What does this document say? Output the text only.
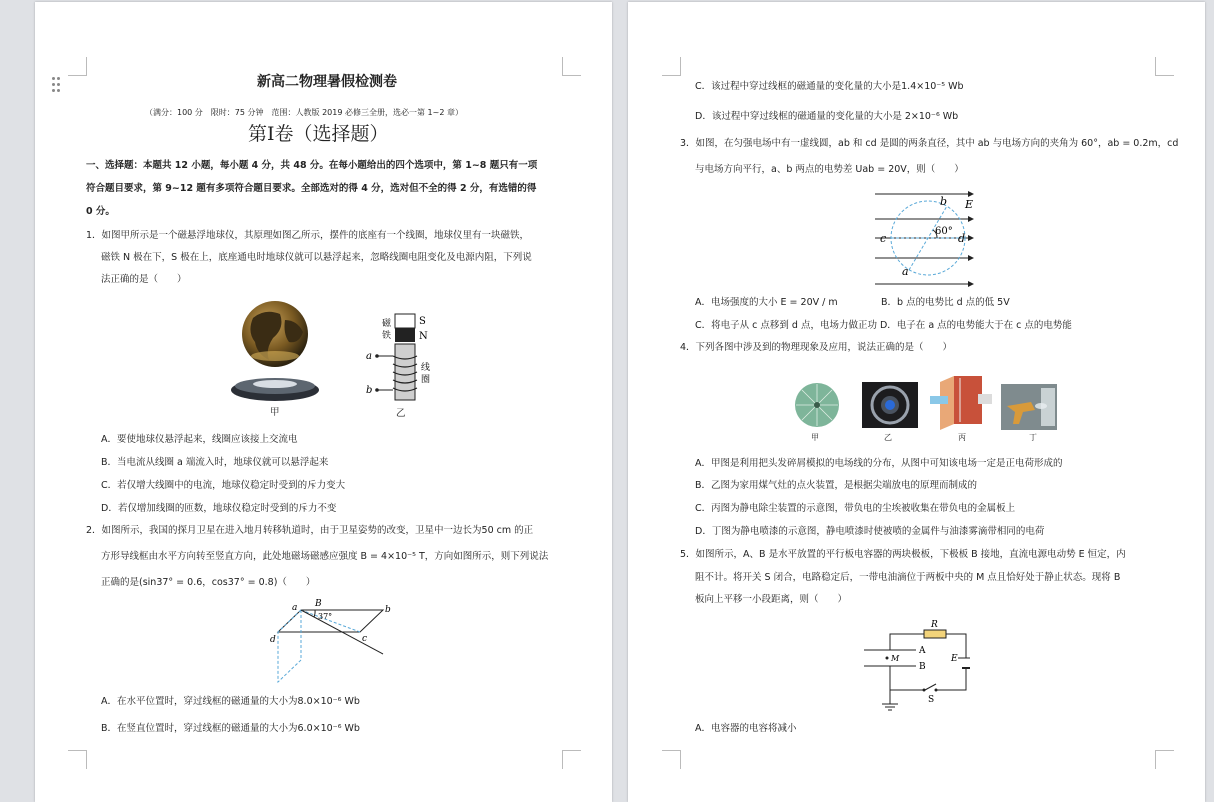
新高二物理暑假检测卷
（满分：100 分　限时：75 分钟　范围：人教版 2019 必修三全册，选必一第 1~2 章）
第Ⅰ卷（选择题）
一、选择题：本题共 12 小题，每小题 4 分，共 48 分。在每小题给出的四个选项中，第 1~8 题只有一项
符合题目要求，第 9~12 题有多项符合题目要求。全部选对的得 4 分，选对但不全的得 2 分，有选错的得
0 分。
1．如图甲所示是一个磁悬浮地球仪，其原理如图乙所示，摆件的底座有一个线圈，地球仪里有一块磁铁，
磁铁 N 极在下，S 极在上，底座通电时地球仪就可以悬浮起来，忽略线圈电阻变化及电源内阻，下列说
法正确的是（　　）
甲
a
b
S
N
磁
铁
线
圈
乙
A．要使地球仪悬浮起来，线圈应该接上交流电
B．当电流从线圈 a 端流入时，地球仪就可以悬浮起来
C．若仅增大线圈中的电流，地球仪稳定时受到的斥力变大
D．若仅增加线圈的匝数，地球仪稳定时受到的斥力不变
2．如图所示，我国的探月卫星在进入地月转移轨道时，由于卫星姿势的改变，卫星中一边长为50 cm 的正
方形导线框由水平方向转至竖直方向，此处地磁场磁感应强度 B = 4×10⁻⁵ T，方向如图所示，则下列说法
正确的是(sin37° = 0.6，cos37° = 0.8)（　　）
a B
37°
b
d	c
A．在水平位置时，穿过线框的磁通量的大小为8.0×10⁻⁶ Wb
B．在竖直位置时，穿过线框的磁通量的大小为6.0×10⁻⁶ Wb
C．该过程中穿过线框的磁通量的变化量的大小是1.4×10⁻⁵ Wb
D．该过程中穿过线框的磁通量的变化量的大小是 2×10⁻⁶ Wb
3．如图，在匀强电场中有一虚线圆，ab 和 cd 是圆的两条直径，其中 ab 与电场方向的夹角为 60°，ab = 0.2m，cd
与电场方向平行，a、b 两点的电势差 Uab = 20V，则（　　）
b E
c
60°
d
a
A．电场强度的大小 E = 20V / m	B．b 点的电势比 d 点的低 5V
C．将电子从 c 点移到 d 点，电场力做正功 D．电子在 a 点的电势能大于在 c 点的电势能
4．下列各图中涉及到的物理现象及应用，说法正确的是（　　）
甲	乙	丙	丁
A．甲图是利用把头发碎屑模拟的电场线的分布，从图中可知该电场一定是正电荷形成的
B．乙图为家用煤气灶的点火装置，是根据尖端放电的原理而制成的
C．丙图为静电除尘装置的示意图，带负电的尘埃被收集在带负电的金属板上
D．丁图为静电喷漆的示意图，静电喷漆时使被喷的金属件与油漆雾滴带相同的电荷
5．如图所示，A、B 是水平放置的平行板电容器的两块极板，下极板 B 接地，直流电源电动势 E 恒定，内
阻不计。将开关 S 闭合，电路稳定后，一带电油滴位于两板中央的 M 点且恰好处于静止状态。现将 B
板向上平移一小段距离，则（　　）
R
A
M
B
E
S
A．电容器的电容将减小
